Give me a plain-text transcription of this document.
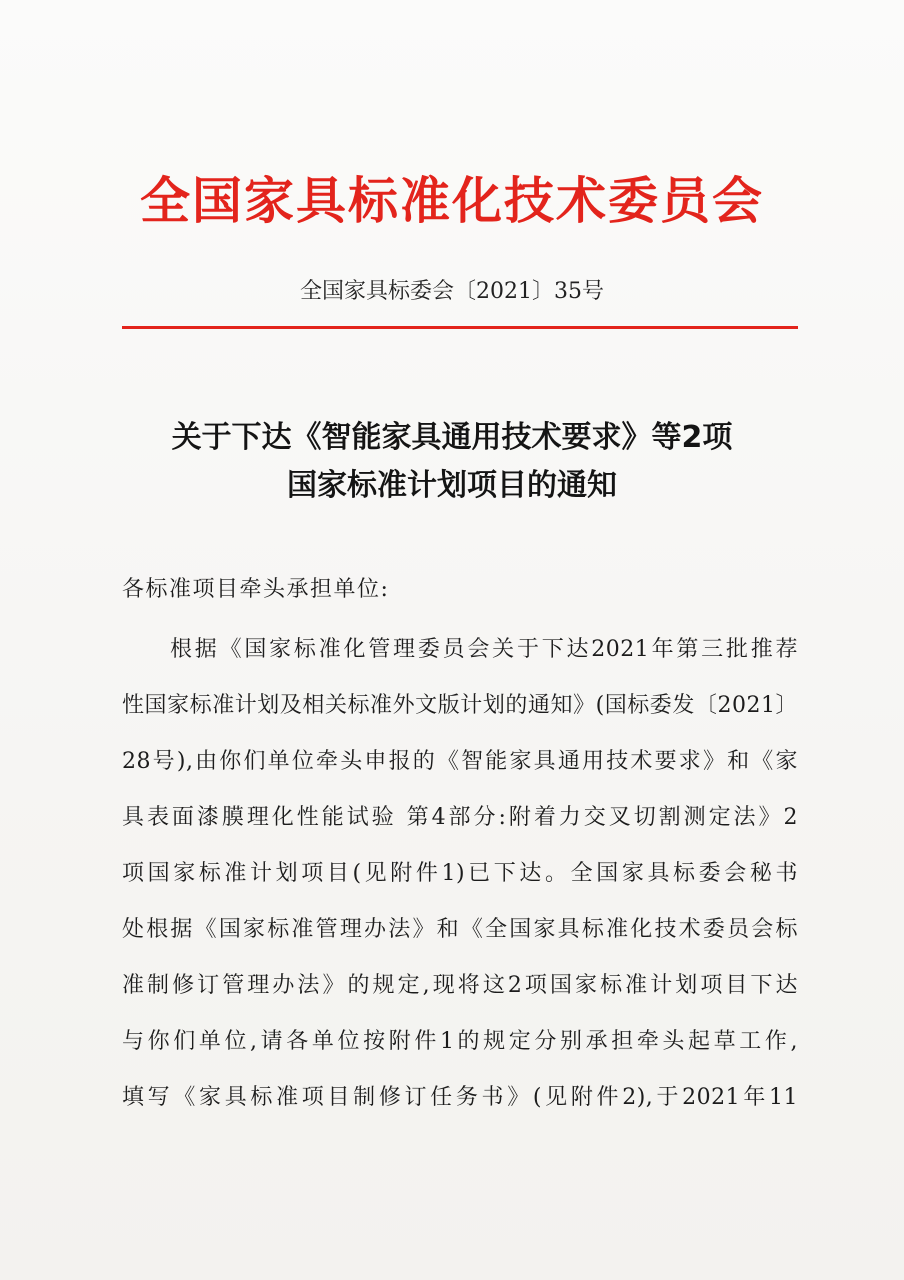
全国家具标准化技术委员会
全国家具标委会〔2021〕35号
关于下达《智能家具通用技术要求》等2项
国家标准计划项目的通知
各标准项目牵头承担单位:
根据《国家标准化管理委员会关于下达2021年第三批推荐
性国家标准计划及相关标准外文版计划的通知》(国标委发〔2021〕
28号),由你们单位牵头申报的《智能家具通用技术要求》和《家
具表面漆膜理化性能试验 第4部分:附着力交叉切割测定法》2
项国家标准计划项目(见附件1)已下达。全国家具标委会秘书
处根据《国家标准管理办法》和《全国家具标准化技术委员会标
准制修订管理办法》的规定,现将这2项国家标准计划项目下达
与你们单位,请各单位按附件1的规定分别承担牵头起草工作,
填写《家具标准项目制修订任务书》(见附件2),于2021年11
